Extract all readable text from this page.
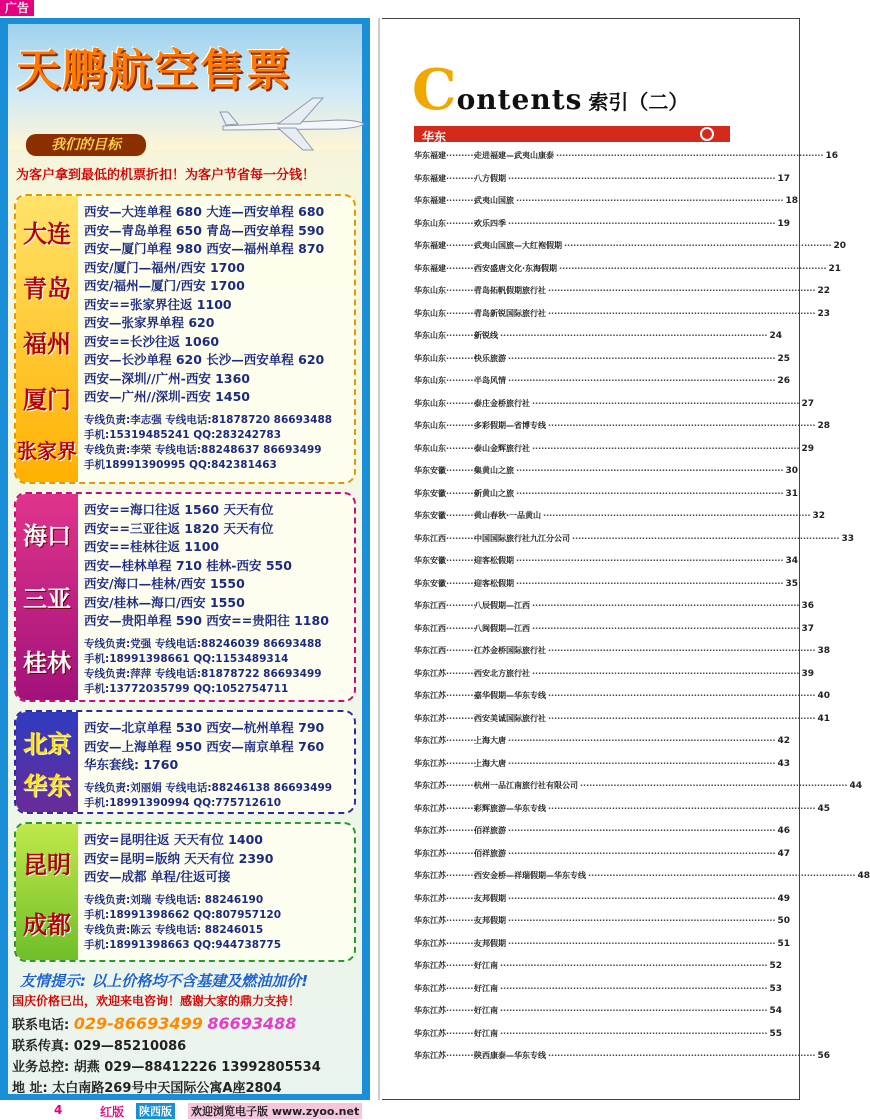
广告
天鹏航空售票
我们的目标
为客户拿到最低的机票折扣！为客户节省每一分钱！
大连
青岛
福州
厦门
张家界
西安—大连单程 680 大连—西安单程 680
西安—青岛单程 650 青岛—西安单程 590
西安—厦门单程 980 西安—福州单程 870
西安/厦门—福州/西安 1700
西安/福州—厦门/西安 1700
西安==张家界往返 1100
西安—张家界单程 620
西安==长沙往返 1060
西安—长沙单程 620 长沙—西安单程 620
西安—深圳//广州-西安 1360
西安—广州//深圳-西安 1450
专线负责:李志强 专线电话:81878720 86693488
手机:15319485241 QQ:283242783
专线负责:李荣 专线电话:88248637 86693499
手机18991390995 QQ:842381463
海口
三亚
桂林
西安==海口往返 1560 天天有位
西安==三亚往返 1820 天天有位
西安==桂林往返 1100
西安—桂林单程 710 桂林-西安 550
西安/海口—桂林/西安 1550
西安/桂林—海口/西安 1550
西安—贵阳单程 590 西安==贵阳往 1180
专线负责:党强 专线电话:88246039 86693488
手机:18991398661 QQ:1153489314
专线负责:萍萍 专线电话:81878722 86693499
手机:13772035799 QQ:1052754711
北京
华东
西安—北京单程 530 西安—杭州单程 790
西安—上海单程 950 西安—南京单程 760
华东套线: 1760
专线负责:刘丽娟 专线电话:88246138 86693499
手机:18991390994 QQ:775712610
昆明
成都
西安=昆明往返 天天有位 1400
西安=昆明=版纳 天天有位 2390
西安—成都 单程/往返可接
专线负责:刘瑞 专线电话: 88246190
手机:18991398662 QQ:807957120
专线负责:陈云 专线电话: 88246015
手机:18991398663 QQ:944738775
友情提示: 以上价格均不含基建及燃油加价!
国庆价格已出，欢迎来电咨询！感谢大家的鼎力支持！
联系电话: 029-86693499 86693488
联系传真: 029—85210086
业务总控: 胡燕 029—88412226 13992805534
地 址: 太白南路269号中天国际公寓A座2804
Contents 索引（二）
华东
华东福建 ··········
走进福建—武夷山康泰 ························································································ 16
华东福建 ··········
八方假期 ························································································ 17
华东福建 ··········
武夷山国旅 ························································································ 18
华东山东 ··········
欢乐四季 ························································································ 19
华东福建 ··········
武夷山国旅—大红袍假期 ························································································ 20
华东福建 ··········
西安盛唐文化·东海假期 ························································································ 21
华东山东 ··········
青岛拓帆假期旅行社 ························································································ 22
华东山东 ··········
青岛新锐国际旅行社 ························································································ 23
华东山东 ··········
新锐线 ························································································ 24
华东山东 ··········
快乐旅游 ························································································ 25
华东山东 ··········
半岛风情 ························································································ 26
华东山东 ··········
泰庄金桥旅行社 ························································································ 27
华东山东 ··········
多彩假期—省博专线 ························································································ 28
华东山东 ··········
泰山金辉旅行社 ························································································ 29
华东安徽 ··········
集黄山之旅 ························································································ 30
华东安徽 ··········
新黄山之旅 ························································································ 31
华东安徽 ··········
黄山春秋·一品黄山 ························································································ 32
华东江西 ··········
中国国际旅行社九江分公司 ························································································ 33
华东安徽 ··········
迎客松假期 ························································································ 34
华东安徽 ··········
迎客松假期 ························································································ 35
华东江西 ··········
八辰假期—江西 ························································································ 36
华东江西 ··········
八闽假期—江西 ························································································ 37
华东江西 ··········
江苏金桥国际旅行社 ························································································ 38
华东江苏 ··········
西安北方旅行社 ························································································ 39
华东江苏 ··········
嘉华假期—华东专线 ························································································ 40
华东江苏 ··········
西安美诚国际旅行社 ························································································ 41
华东江苏 ··········
上海大唐 ························································································ 42
华东江苏 ··········
上海大唐 ························································································ 43
华东江苏 ··········
杭州一品江南旅行社有限公司 ························································································ 44
华东江苏 ··········
彩辉旅游—华东专线 ························································································ 45
华东江苏 ··········
佰祥旅游 ························································································ 46
华东江苏 ··········
佰祥旅游 ························································································ 47
华东江苏 ··········
西安金桥—祥瑞假期—华东专线 ························································································ 48
华东江苏 ··········
友邦假期 ························································································ 49
华东江苏 ··········
友邦假期 ························································································ 50
华东江苏 ··········
友邦假期 ························································································ 51
华东江苏 ··········
好江南 ························································································ 52
华东江苏 ··········
好江南 ························································································ 53
华东江苏 ··········
好江南 ························································································ 54
华东江苏 ··········
好江南 ························································································ 55
华东江苏 ··········
陕西康泰—华东专线 ························································································ 56
4	红版 陕西版 欢迎浏览电子版 www.zyoo.net
